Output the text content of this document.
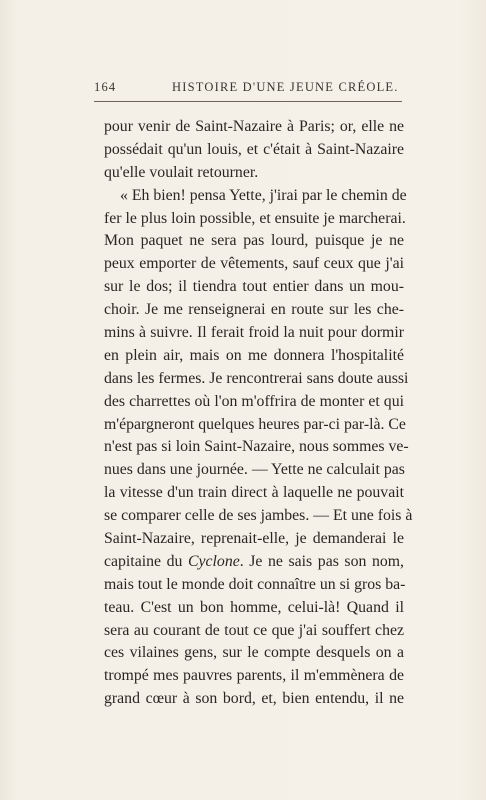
164	HISTOIRE D'UNE JEUNE CRÉOLE.
pour venir de Saint-Nazaire à Paris; or, elle ne
possédait qu'un louis, et c'était à Saint-Nazaire
qu'elle voulait retourner.
« Eh bien! pensa Yette, j'irai par le chemin de
fer le plus loin possible, et ensuite je marcherai.
Mon paquet ne sera pas lourd, puisque je ne
peux emporter de vêtements, sauf ceux que j'ai
sur le dos; il tiendra tout entier dans un mou-
choir. Je me renseignerai en route sur les che-
mins à suivre. Il ferait froid la nuit pour dormir
en plein air, mais on me donnera l'hospitalité
dans les fermes. Je rencontrerai sans doute aussi
des charrettes où l'on m'offrira de monter et qui
m'épargneront quelques heures par-ci par-là. Ce
n'est pas si loin Saint-Nazaire, nous sommes ve-
nues dans une journée. — Yette ne calculait pas
la vitesse d'un train direct à laquelle ne pouvait
se comparer celle de ses jambes. — Et une fois à
Saint-Nazaire, reprenait-elle, je demanderai le
capitaine du Cyclone. Je ne sais pas son nom,
mais tout le monde doit connaître un si gros ba-
teau. C'est un bon homme, celui-là! Quand il
sera au courant de tout ce que j'ai souffert chez
ces vilaines gens, sur le compte desquels on a
trompé mes pauvres parents, il m'emmènera de
grand cœur à son bord, et, bien entendu, il ne
